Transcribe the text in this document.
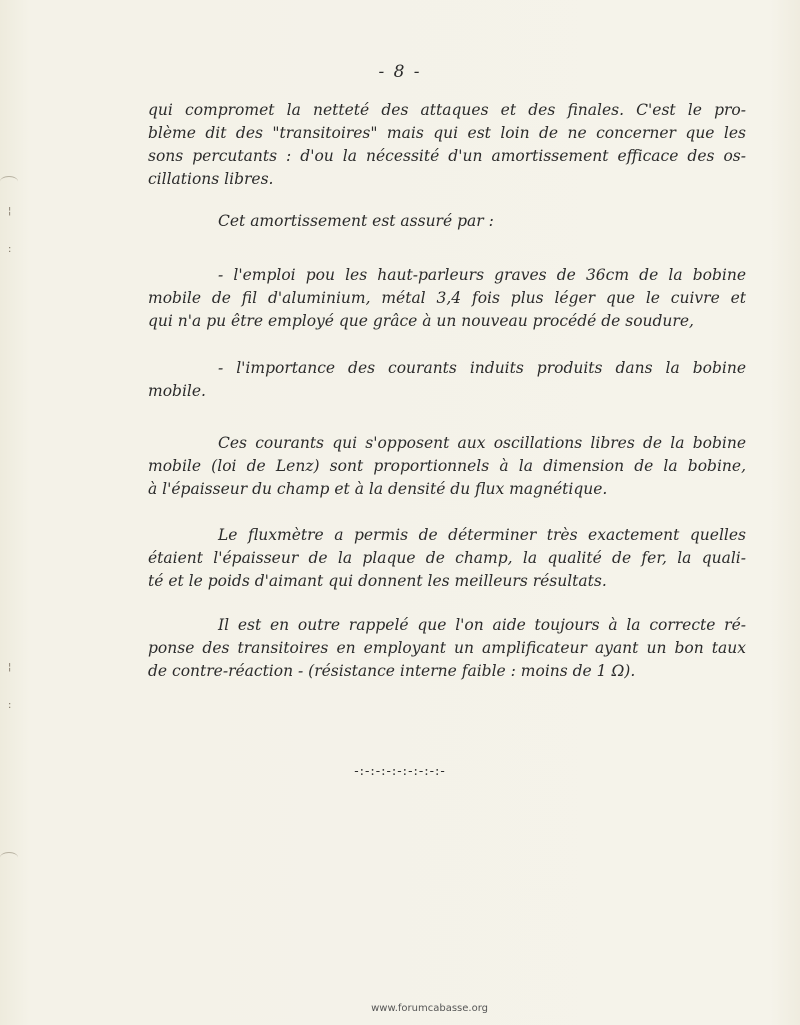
- 8 -
qui compromet la netteté des attaques et des finales. C'est le pro-
blème dit des "transitoires" mais qui est loin de ne concerner que les
sons percutants : d'ou la nécessité d'un amortissement efficace des os-
cillations libres.
Cet amortissement est assuré par :
- l'emploi pou les haut-parleurs graves de 36cm de la bobine
mobile de fil d'aluminium, métal 3,4 fois plus léger que le cuivre et
qui n'a pu être employé que grâce à un nouveau procédé de soudure,
- l'importance des courants induits produits dans la bobine
mobile.
Ces courants qui s'opposent aux oscillations libres de la bobine
mobile (loi de Lenz) sont proportionnels à la dimension de la bobine,
à l'épaisseur du champ et à la densité du flux magnétique.
Le fluxmètre a permis de déterminer très exactement quelles
étaient l'épaisseur de la plaque de champ, la qualité de fer, la quali-
té et le poids d'aimant qui donnent les meilleurs résultats.
Il est en outre rappelé que l'on aide toujours à la correcte ré-
ponse des transitoires en employant un amplificateur ayant un bon taux
de contre-réaction - (résistance interne faible : moins de 1 Ω).
-:-:-:-:-:-:-:-:-
www.forumcabasse.org
¦
:
¦
:
